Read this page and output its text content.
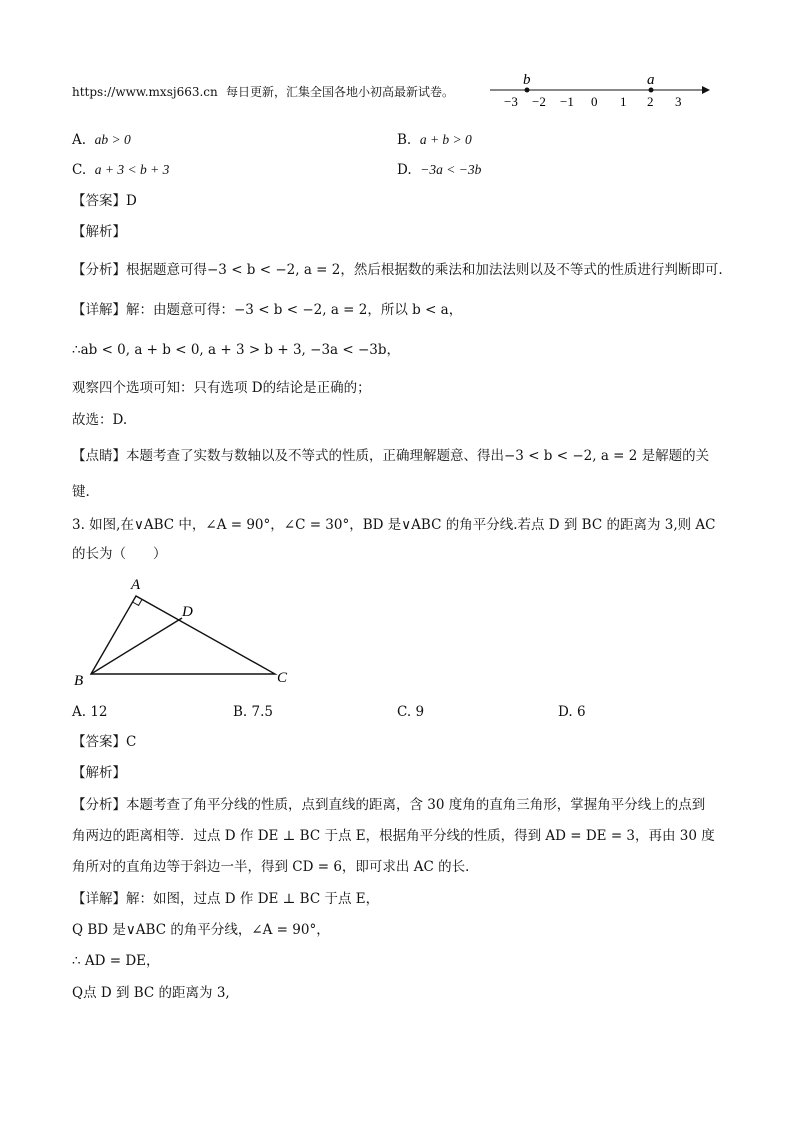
https://www.mxsj663.cn 每日更新，汇集全国各地小初高最新试卷。
b	a
−3 −2 −1 0 1 2 3
A. ab > 0	B. a + b > 0
C. a + 3 < b + 3	D. −3a < −3b
【答案】D
【解析】
【分析】根据题意可得−3 < b < −2, a = 2，然后根据数的乘法和加法法则以及不等式的性质进行判断即可.
【详解】解：由题意可得：−3 < b < −2, a = 2，所以 b < a，
∴ab < 0, a + b < 0, a + 3 > b + 3, −3a < −3b，
观察四个选项可知：只有选项 D的结论是正确的；
故选：D.
【点睛】本题考查了实数与数轴以及不等式的性质，正确理解题意、得出−3 < b < −2, a = 2 是解题的关
键.
3. 如图,在∨ABC 中，∠A = 90°，∠C = 30°，BD 是∨ABC 的角平分线.若点 D 到 BC 的距离为 3,则 AC
的长为（　　）
A
B	C
D
A. 12	B. 7.5	C. 9	D. 6
【答案】C
【解析】
【分析】本题考查了角平分线的性质，点到直线的距离，含 30 度角的直角三角形，掌握角平分线上的点到
角两边的距离相等．过点 D 作 DE ⊥ BC 于点 E，根据角平分线的性质，得到 AD = DE = 3，再由 30 度
角所对的直角边等于斜边一半，得到 CD = 6，即可求出 AC 的长．
【详解】解：如图，过点 D 作 DE ⊥ BC 于点 E，
Q BD 是∨ABC 的角平分线，∠A = 90°，
∴ AD = DE，
Q点 D 到 BC 的距离为 3,
